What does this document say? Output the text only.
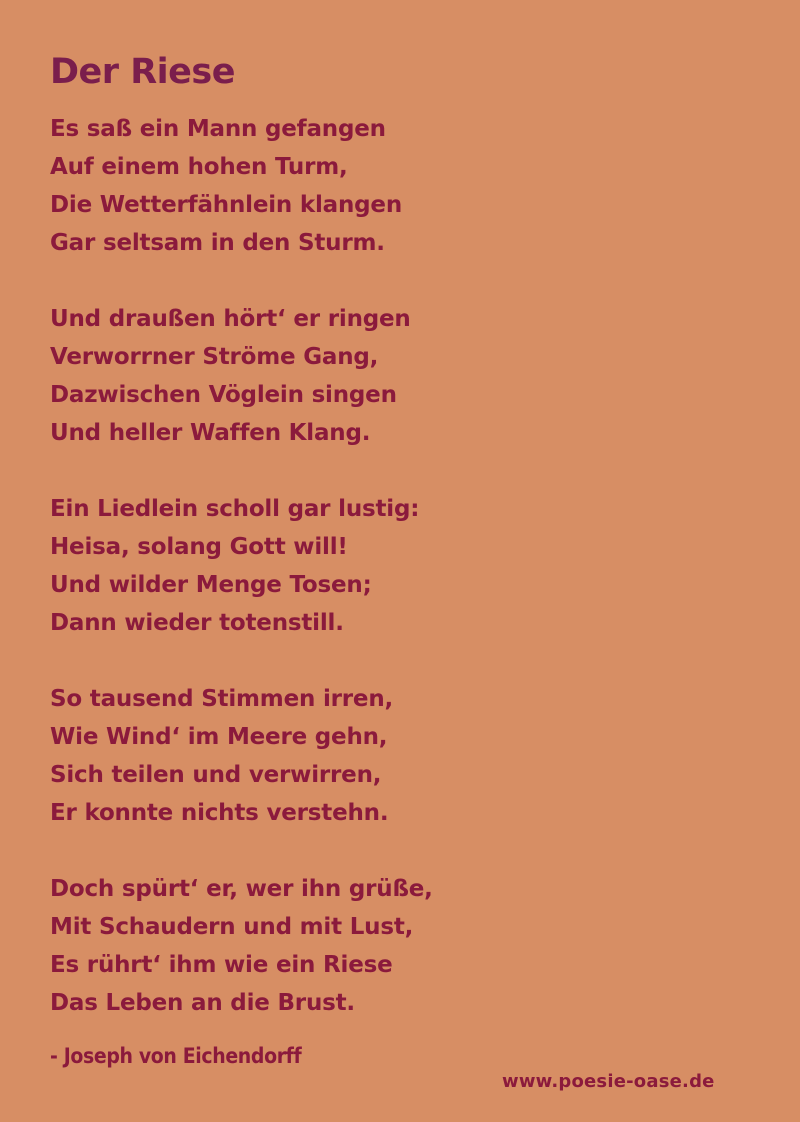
Der Riese
Es saß ein Mann gefangen
Auf einem hohen Turm,
Die Wetterfähnlein klangen
Gar seltsam in den Sturm.
Und draußen hört‘ er ringen
Verworrner Ströme Gang,
Dazwischen Vöglein singen
Und heller Waffen Klang.
Ein Liedlein scholl gar lustig:
Heisa, solang Gott will!
Und wilder Menge Tosen;
Dann wieder totenstill.
So tausend Stimmen irren,
Wie Wind‘ im Meere gehn,
Sich teilen und verwirren,
Er konnte nichts verstehn.
Doch spürt‘ er, wer ihn grüße,
Mit Schaudern und mit Lust,
Es rührt‘ ihm wie ein Riese
Das Leben an die Brust.
- Joseph von Eichendorff
www.poesie-oase.de
